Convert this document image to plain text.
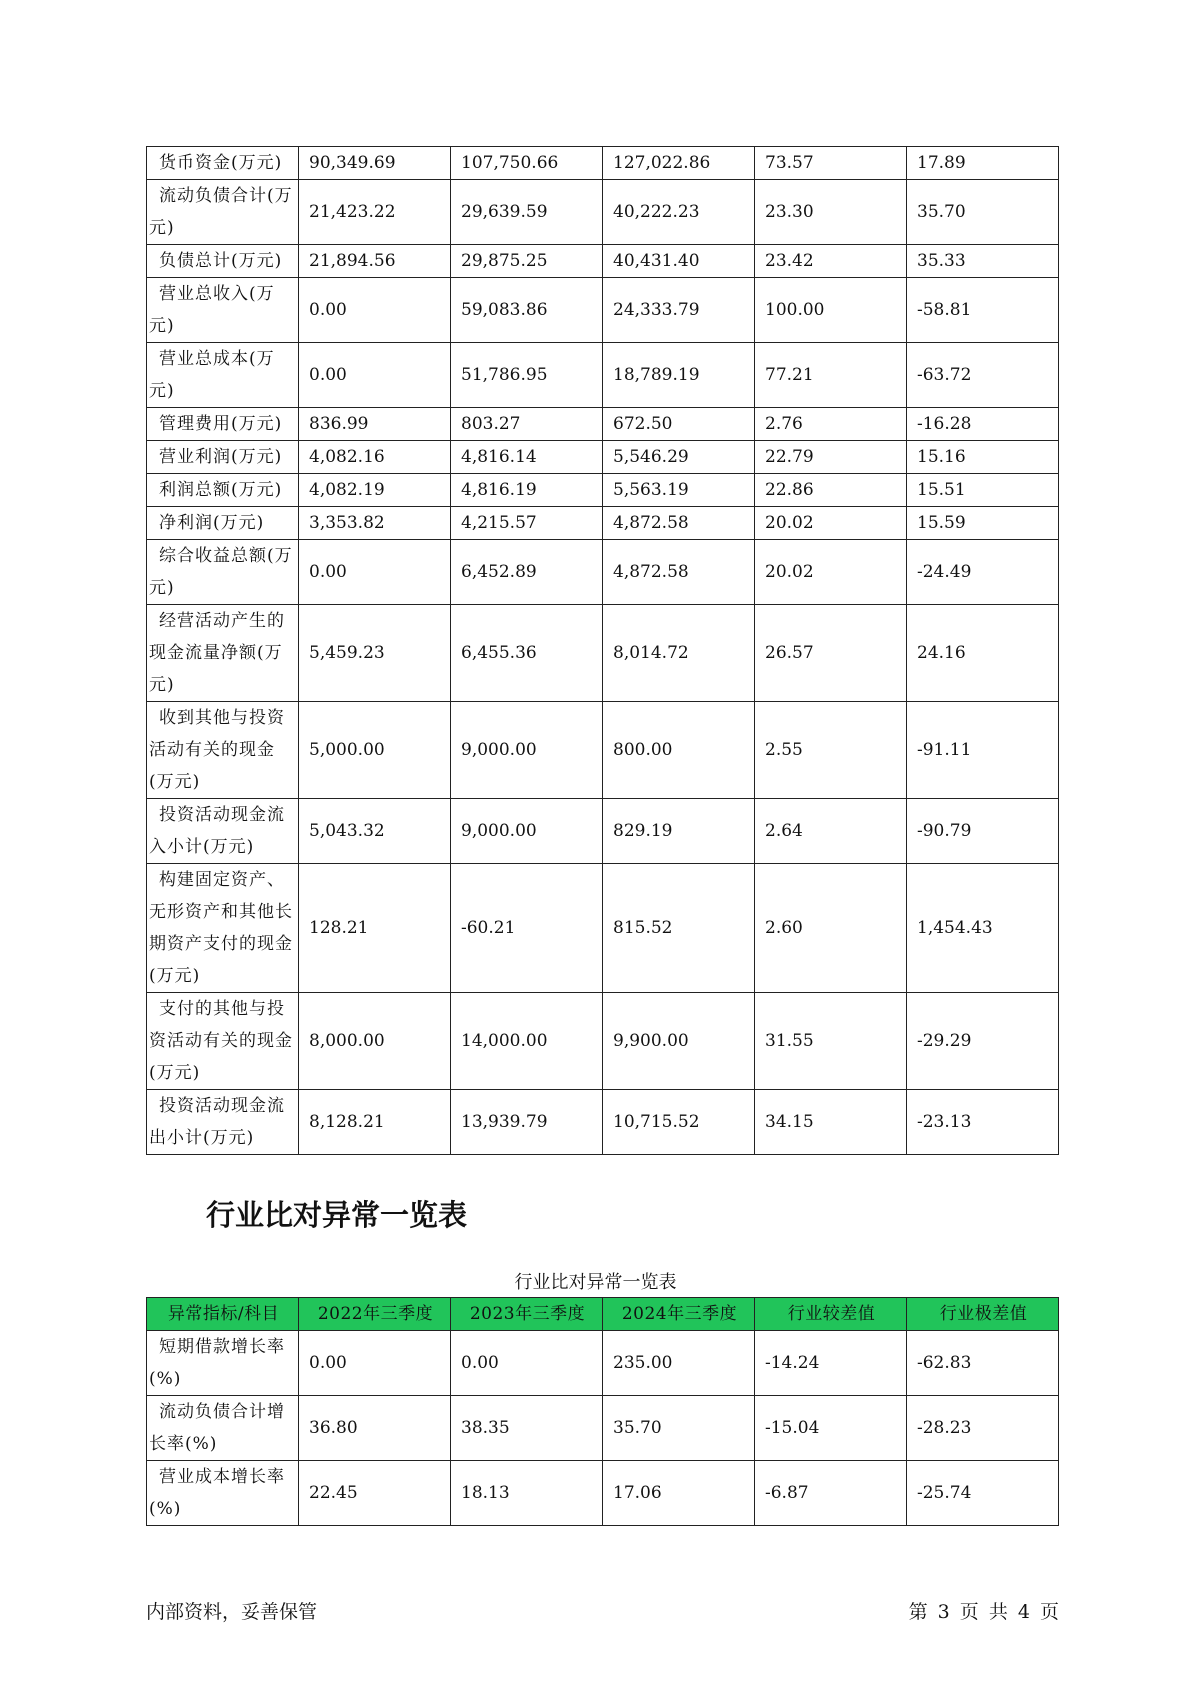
货币资金(万元)	90,349.69	107,750.66	127,022.86	73.57	17.89
流动负债合计(万元)	21,423.22	29,639.59	40,222.23	23.30	35.70
负债总计(万元)	21,894.56	29,875.25	40,431.40	23.42	35.33
营业总收入(万元)	0.00	59,083.86	24,333.79	100.00	-58.81
营业总成本(万元)	0.00	51,786.95	18,789.19	77.21	-63.72
管理费用(万元)	836.99	803.27	672.50	2.76	-16.28
营业利润(万元)	4,082.16	4,816.14	5,546.29	22.79	15.16
利润总额(万元)	4,082.19	4,816.19	5,563.19	22.86	15.51
净利润(万元)	3,353.82	4,215.57	4,872.58	20.02	15.59
综合收益总额(万元)	0.00	6,452.89	4,872.58	20.02	-24.49
经营活动产生的现金流量净额(万元)	5,459.23	6,455.36	8,014.72	26.57	24.16
收到其他与投资活动有关的现金(万元)	5,000.00	9,000.00	800.00	2.55	-91.11
投资活动现金流入小计(万元)	5,043.32	9,000.00	829.19	2.64	-90.79
构建固定资产、无形资产和其他长期资产支付的现金(万元)	128.21	-60.21	815.52	2.60	1,454.43
支付的其他与投资活动有关的现金(万元)	8,000.00	14,000.00	9,900.00	31.55	-29.29
投资活动现金流出小计(万元)	8,128.21	13,939.79	10,715.52	34.15	-23.13
行业比对异常一览表

行业比对异常一览表

异常指标/科目	2022年三季度	2023年三季度	2024年三季度	行业较差值	行业极差值
短期借款增长率(%)	0.00	0.00	235.00	-14.24	-62.83
流动负债合计增长率(%)	36.80	38.35	35.70	-15.04	-28.23
营业成本增长率(%)	22.45	18.13	17.06	-6.87	-25.74
内部资料，妥善保管	第 3 页 共 4 页
